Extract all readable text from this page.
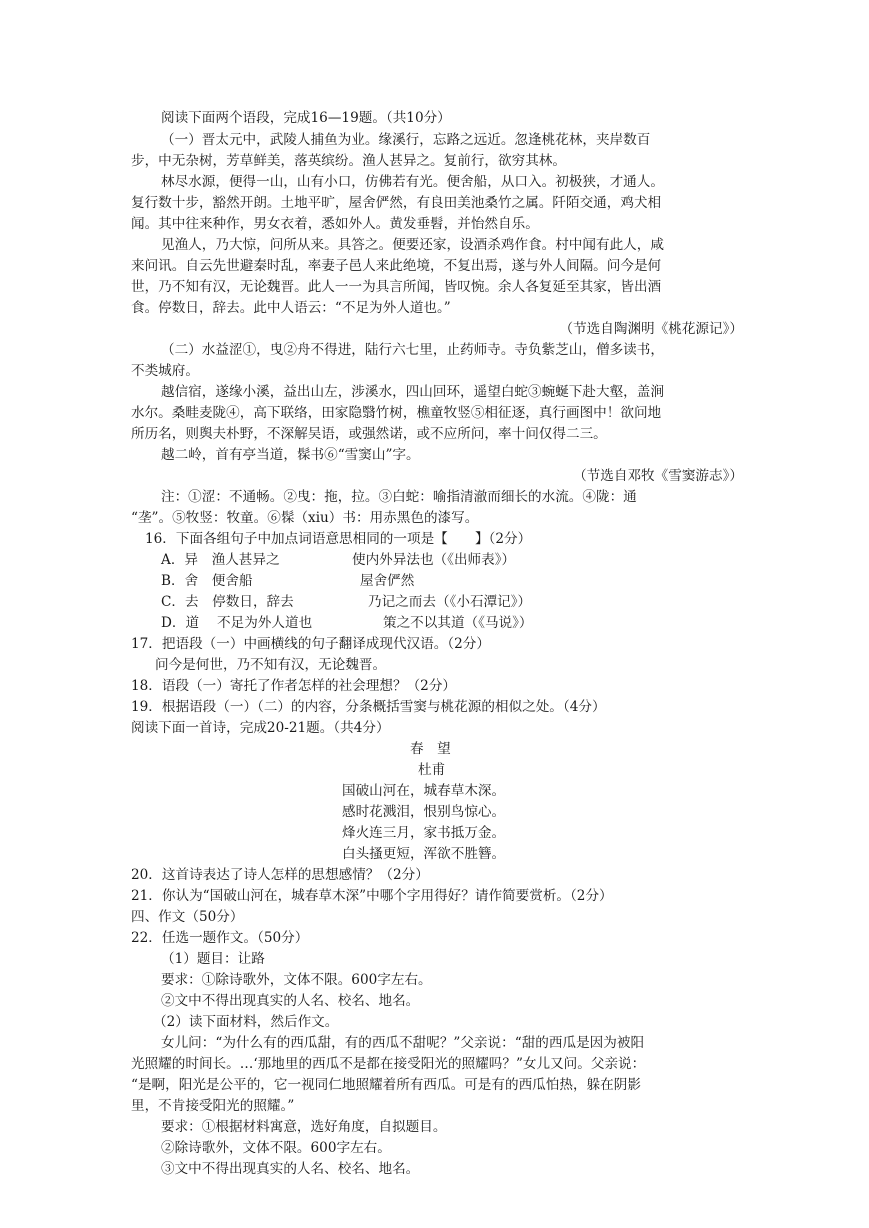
阅读下面两个语段，完成16—19题。（共10分）
（一）晋太元中，武陵人捕鱼为业。缘溪行，忘路之远近。忽逢桃花林，夹岸数百
步，中无杂树，芳草鲜美，落英缤纷。渔人甚异之。复前行，欲穷其林。
林尽水源，便得一山，山有小口，仿佛若有光。便舍船，从口入。初极狭，才通人。
复行数十步，豁然开朗。土地平旷，屋舍俨然，有良田美池桑竹之属。阡陌交通，鸡犬相
闻。其中往来种作，男女衣着，悉如外人。黄发垂髫，并怡然自乐。
见渔人，乃大惊，问所从来。具答之。便要还家，设酒杀鸡作食。村中闻有此人，咸
来问讯。自云先世避秦时乱，率妻子邑人来此绝境，不复出焉，遂与外人间隔。问今是何
世，乃不知有汉，无论魏晋。此人一一为具言所闻，皆叹惋。余人各复延至其家，皆出酒
食。停数日，辞去。此中人语云：“不足为外人道也。”
（节选自陶渊明《桃花源记》）
（二）水益涩①，曳②舟不得进，陆行六七里，止药师寺。寺负紫芝山，僧多读书，
不类城府。
越信宿，遂缘小溪，益出山左，涉溪水，四山回环，遥望白蛇③蜿蜒下赴大壑，盖涧
水尔。桑畦麦陇④，高下联络，田家隐翳竹树，樵童牧竖⑤相征逐，真行画图中！欲问地
所历名，则舆夫朴野，不深解吴语，或强然诺，或不应所问，率十问仅得二三。
越二岭，首有亭当道，髹书⑥“雪窦山”字。
（节选自邓牧《雪窦游志》）
注：①涩：不通畅。②曳：拖，拉。③白蛇：喻指清澈而细长的水流。④陇：通
“垄”。⑤牧竖：牧童。⑥髹（xiu）书：用赤黑色的漆写。
16．下面各组句子中加点词语意思相同的一项是【　　】（2分）
A．异　渔人甚异之	使内外异法也（《出师表》）
B．舍　便舍船	屋舍俨然
C．去　停数日，辞去	乃记之而去（《小石潭记》）
D．道　 不足为外人道也	策之不以其道（《马说》）
17．把语段（一）中画横线的句子翻译成现代汉语。（2分）
问今是何世，乃不知有汉，无论魏晋。
18．语段（一）寄托了作者怎样的社会理想？（2分）
19．根据语段（一）（二）的内容，分条概括雪窦与桃花源的相似之处。（4分）
阅读下面一首诗，完成20-21题。（共4分）
春　望
杜甫
国破山河在，城春草木深。
感时花溅泪，恨别鸟惊心。
烽火连三月，家书抵万金。
白头搔更短，浑欲不胜簪。
20．这首诗表达了诗人怎样的思想感情？（2分）
21．你认为“国破山河在，城春草木深”中哪个字用得好？请作简要赏析。（2分）
四、作文（50分）
22．任选一题作文。（50分）
（1）题目：让路
要求：①除诗歌外，文体不限。600字左右。
②文中不得出现真实的人名、校名、地名。
（2）读下面材料，然后作文。
女儿问：“为什么有的西瓜甜，有的西瓜不甜呢？”父亲说：“甜的西瓜是因为被阳
光照耀的时间长。…‘那地里的西瓜不是都在接受阳光的照耀吗？”女儿又问。父亲说：
“是啊，阳光是公平的，它一视同仁地照耀着所有西瓜。可是有的西瓜怕热，躲在阴影
里，不肯接受阳光的照耀。”
要求：①根据材料寓意，选好角度，自拟题目。
②除诗歌外，文体不限。600字左右。
③文中不得出现真实的人名、校名、地名。
